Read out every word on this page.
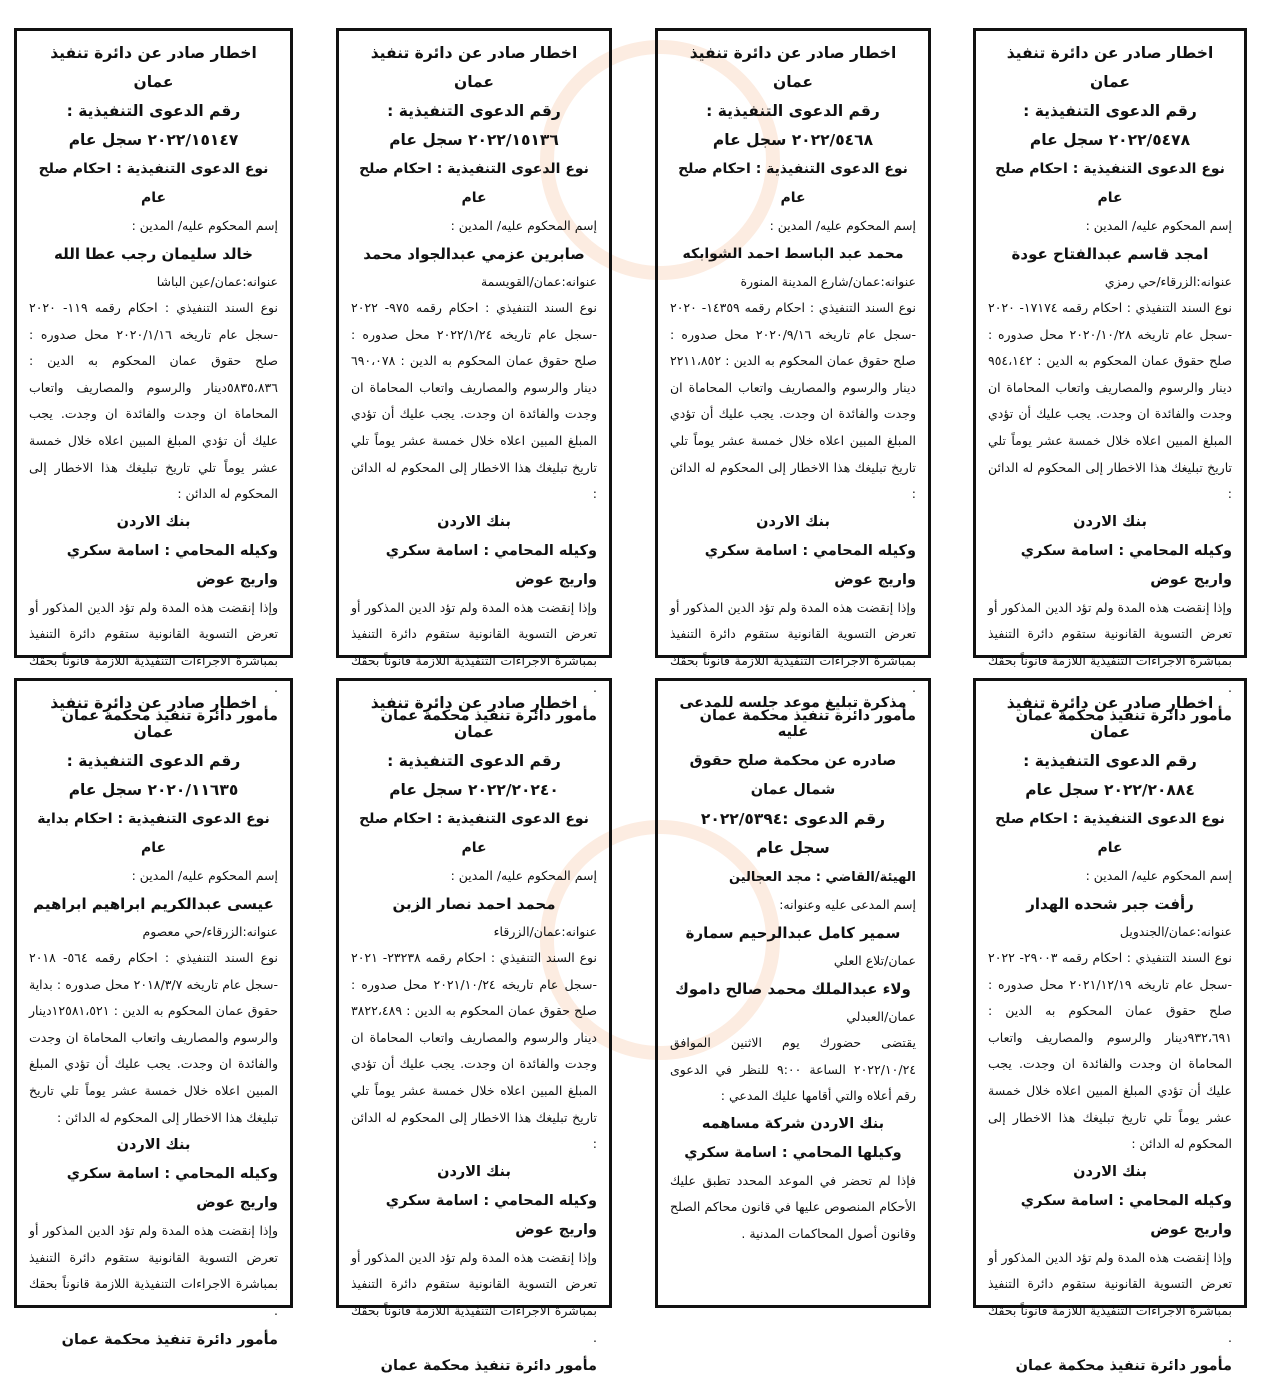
اخطار صادر عن دائرة تنفيذ عمان
رقم الدعوى التنفيذية :
٢٠٢٢/٥٤٧٨ سجل عام
نوع الدعوى التنفيذية : احكام صلح عام
إسم المحكوم عليه/ المدين :
امجد قاسم عبدالفتاح عودة
عنوانه:الزرقاء/حي رمزي
نوع السند التنفيذي : احكام رقمه ١٧١٧٤- ٢٠٢٠ -سجل عام تاريخه ٢٠٢٠/١٠/٢٨ محل صدوره : صلح حقوق عمان المحكوم به الدين : ٩٥٤،١٤٢ دينار والرسوم والمصاريف واتعاب المحاماة ان وجدت والفائدة ان وجدت. يجب عليك أن تؤدي المبلغ المبين اعلاه خلال خمسة عشر يوماً تلي تاريخ تبليغك هذا الاخطار إلى المحكوم له الدائن :
بنك الاردن
وكيله المحامي : اسامة سكري واريج عوض
وإذا إنقضت هذه المدة ولم تؤد الدين المذكور أو تعرض التسوية القانونية ستقوم دائرة التنفيذ بمباشرة الاجراءات التنفيذية اللازمة قانوناً بحقك .
مأمور دائرة تنفيذ محكمة عمان
اخطار صادر عن دائرة تنفيذ عمان
رقم الدعوى التنفيذية :
٢٠٢٢/٥٤٦٨ سجل عام
نوع الدعوى التنفيذية : احكام صلح عام
إسم المحكوم عليه/ المدين :
محمد عبد الباسط احمد الشوابكه
عنوانه:عمان/شارع المدينة المنورة
نوع السند التنفيذي : احكام رقمه ١٤٣٥٩- ٢٠٢٠ -سجل عام تاريخه ٢٠٢٠/٩/١٦ محل صدوره : صلح حقوق عمان المحكوم به الدين : ٢٢١١،٨٥٢ دينار والرسوم والمصاريف واتعاب المحاماة ان وجدت والفائدة ان وجدت. يجب عليك أن تؤدي المبلغ المبين اعلاه خلال خمسة عشر يوماً تلي تاريخ تبليغك هذا الاخطار إلى المحكوم له الدائن :
بنك الاردن
وكيله المحامي : اسامة سكري واريج عوض
وإذا إنقضت هذه المدة ولم تؤد الدين المذكور أو تعرض التسوية القانونية ستقوم دائرة التنفيذ بمباشرة الاجراءات التنفيذية اللازمة قانوناً بحقك .
مأمور دائرة تنفيذ محكمة عمان
اخطار صادر عن دائرة تنفيذ عمان
رقم الدعوى التنفيذية :
٢٠٢٢/١٥١٣٦ سجل عام
نوع الدعوى التنفيذية : احكام صلح عام
إسم المحكوم عليه/ المدين :
صابرين عزمي عبدالجواد محمد
عنوانه:عمان/القويسمة
نوع السند التنفيذي : احكام رقمه ٩٧٥- ٢٠٢٢ -سجل عام تاريخه ٢٠٢٢/١/٢٤ محل صدوره : صلح حقوق عمان المحكوم به الدين : ٦٩٠،٠٧٨ دينار والرسوم والمصاريف واتعاب المحاماة ان وجدت والفائدة ان وجدت. يجب عليك أن تؤدي المبلغ المبين اعلاه خلال خمسة عشر يوماً تلي تاريخ تبليغك هذا الاخطار إلى المحكوم له الدائن :
بنك الاردن
وكيله المحامي : اسامة سكري واريج عوض
وإذا إنقضت هذه المدة ولم تؤد الدين المذكور أو تعرض التسوية القانونية ستقوم دائرة التنفيذ بمباشرة الاجراءات التنفيذية اللازمة قانوناً بحقك .
مأمور دائرة تنفيذ محكمة عمان
اخطار صادر عن دائرة تنفيذ عمان
رقم الدعوى التنفيذية :
٢٠٢٢/١٥١٤٧ سجل عام
نوع الدعوى التنفيذية : احكام صلح عام
إسم المحكوم عليه/ المدين :
خالد سليمان رجب عطا الله
عنوانه:عمان/عين الباشا
نوع السند التنفيذي : احكام رقمه ١١٩- ٢٠٢٠ -سجل عام تاريخه ٢٠٢٠/١/١٦ محل صدوره : صلح حقوق عمان المحكوم به الدين : ٥٨٣٥،٨٣٦دينار والرسوم والمصاريف واتعاب المحاماة ان وجدت والفائدة ان وجدت. يجب عليك أن تؤدي المبلغ المبين اعلاه خلال خمسة عشر يوماً تلي تاريخ تبليغك هذا الاخطار إلى المحكوم له الدائن :
بنك الاردن
وكيله المحامي : اسامة سكري واريج عوض
وإذا إنقضت هذه المدة ولم تؤد الدين المذكور أو تعرض التسوية القانونية ستقوم دائرة التنفيذ بمباشرة الاجراءات التنفيذية اللازمة قانوناً بحقك .
مأمور دائرة تنفيذ محكمة عمان
اخطار صادر عن دائرة تنفيذ عمان
رقم الدعوى التنفيذية :
٢٠٢٢/٢٠٨٨٤ سجل عام
نوع الدعوى التنفيذية : احكام صلح عام
إسم المحكوم عليه/ المدين :
رأفت جبر شحده الهدار
عنوانه:عمان/الجندويل
نوع السند التنفيذي : احكام رقمه ٢٩٠٠٣- ٢٠٢٢ -سجل عام تاريخه ٢٠٢١/١٢/١٩ محل صدوره : صلح حقوق عمان المحكوم به الدين : ٩٣٢،٦٩١دينار والرسوم والمصاريف واتعاب المحاماة ان وجدت والفائدة ان وجدت. يجب عليك أن تؤدي المبلغ المبين اعلاه خلال خمسة عشر يوماً تلي تاريخ تبليغك هذا الاخطار إلى المحكوم له الدائن :
بنك الاردن
وكيله المحامي : اسامة سكري واريج عوض
وإذا إنقضت هذه المدة ولم تؤد الدين المذكور أو تعرض التسوية القانونية ستقوم دائرة التنفيذ بمباشرة الاجراءات التنفيذية اللازمة قانوناً بحقك .
مأمور دائرة تنفيذ محكمة عمان
مذكرة تبليغ موعد جلسه للمدعى عليه
صادره عن محكمة صلح حقوق شمال عمان
رقم الدعوى :٢٠٢٢/٥٣٩٤
سجل عام
الهيئة/القاضي : مجد العجالين
إسم المدعى عليه وعنوانه:
سمير كامل عبدالرحيم سمارة
عمان/تلاع العلي
ولاء عبدالملك محمد صالح داموك
عمان/العبدلي
يقتضى حضورك يوم الاثنين الموافق ٢٠٢٢/١٠/٢٤ الساعة ٩:٠٠ للنظر في الدعوى رقم أعلاه والتي أقامها عليك المدعي :
بنك الاردن شركة مساهمه
وكيلها المحامي : اسامة سكري
فإذا لم تحضر في الموعد المحدد تطبق عليك الأحكام المنصوص عليها في قانون محاكم الصلح وقانون أصول المحاكمات المدنية .
اخطار صادر عن دائرة تنفيذ عمان
رقم الدعوى التنفيذية :
٢٠٢٢/٢٠٢٤٠ سجل عام
نوع الدعوى التنفيذية : احكام صلح عام
إسم المحكوم عليه/ المدين :
محمد احمد نصار الزبن
عنوانه:عمان/الزرقاء
نوع السند التنفيذي : احكام رقمه ٢٣٢٣٨- ٢٠٢١ -سجل عام تاريخه ٢٠٢١/١٠/٢٤ محل صدوره : صلح حقوق عمان المحكوم به الدين : ٣٨٢٢،٤٨٩ دينار والرسوم والمصاريف واتعاب المحاماة ان وجدت والفائدة ان وجدت. يجب عليك أن تؤدي المبلغ المبين اعلاه خلال خمسة عشر يوماً تلي تاريخ تبليغك هذا الاخطار إلى المحكوم له الدائن :
بنك الاردن
وكيله المحامي : اسامة سكري واريج عوض
وإذا إنقضت هذه المدة ولم تؤد الدين المذكور أو تعرض التسوية القانونية ستقوم دائرة التنفيذ بمباشرة الاجراءات التنفيذية اللازمة قانوناً بحقك .
مأمور دائرة تنفيذ محكمة عمان
اخطار صادر عن دائرة تنفيذ عمان
رقم الدعوى التنفيذية :
٢٠٢٠/١١٦٣٥ سجل عام
نوع الدعوى التنفيذية : احكام بداية عام
إسم المحكوم عليه/ المدين :
عيسى عبدالكريم ابراهيم ابراهيم
عنوانه:الزرقاء/حي معصوم
نوع السند التنفيذي : احكام رقمه ٥٦٤- ٢٠١٨ -سجل عام تاريخه ٢٠١٨/٣/٧ محل صدوره : بداية حقوق عمان المحكوم به الدين : ١٢٥٨١،٥٢١دينار والرسوم والمصاريف واتعاب المحاماة ان وجدت والفائدة ان وجدت. يجب عليك أن تؤدي المبلغ المبين اعلاه خلال خمسة عشر يوماً تلي تاريخ تبليغك هذا الاخطار إلى المحكوم له الدائن :
بنك الاردن
وكيله المحامي : اسامة سكري واريج عوض
وإذا إنقضت هذه المدة ولم تؤد الدين المذكور أو تعرض التسوية القانونية ستقوم دائرة التنفيذ بمباشرة الاجراءات التنفيذية اللازمة قانوناً بحقك .
مأمور دائرة تنفيذ محكمة عمان
